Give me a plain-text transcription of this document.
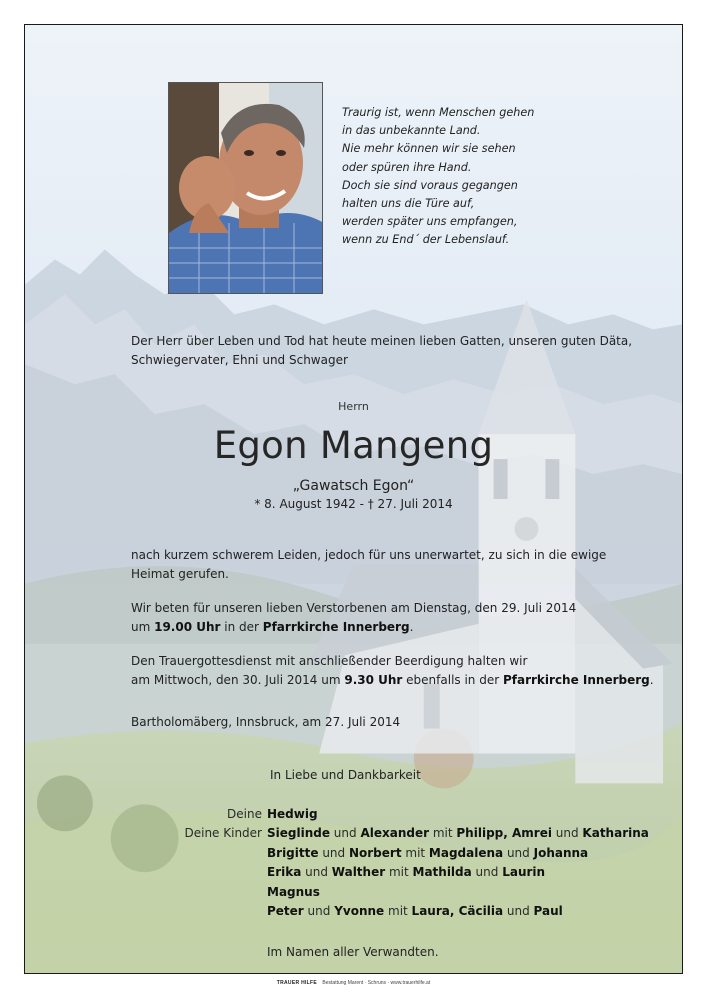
Traurig ist, wenn Menschen gehen
in das unbekannte Land.
Nie mehr können wir sie sehen
oder spüren ihre Hand.
Doch sie sind voraus gegangen
halten uns die Türe auf,
werden später uns empfangen,
wenn zu End´ der Lebenslauf.
Der Herr über Leben und Tod hat heute meinen lieben Gatten, unseren guten Däta,
Schwiegervater, Ehni und Schwager
Herrn
Egon Mangeng
„Gawatsch Egon“
* 8. August 1942 - † 27. Juli 2014
nach kurzem schwerem Leiden, jedoch für uns unerwartet, zu sich in die ewige
Heimat gerufen.
Wir beten für unseren lieben Verstorbenen am Dienstag, den 29. Juli 2014
um 19.00 Uhr in der Pfarrkirche Innerberg.
Den Trauergottesdienst mit anschließender Beerdigung halten wir
am Mittwoch, den 30. Juli 2014 um 9.30 Uhr ebenfalls in der Pfarrkirche Innerberg.
Bartholomäberg, Innsbruck, am 27. Juli 2014
In Liebe und Dankbarkeit
Deine Hedwig
Deine Kinder Sieglinde und Alexander mit Philipp, Amrei und Katharina
Brigitte und Norbert mit Magdalena und Johanna
Erika und Walther mit Mathilda und Laurin
Magnus
Peter und Yvonne mit Laura, Cäcilia und Paul
Im Namen aller Verwandten.
TRAUER HILFE Bestattung Marent · Schruns · www.trauerhilfe.at
